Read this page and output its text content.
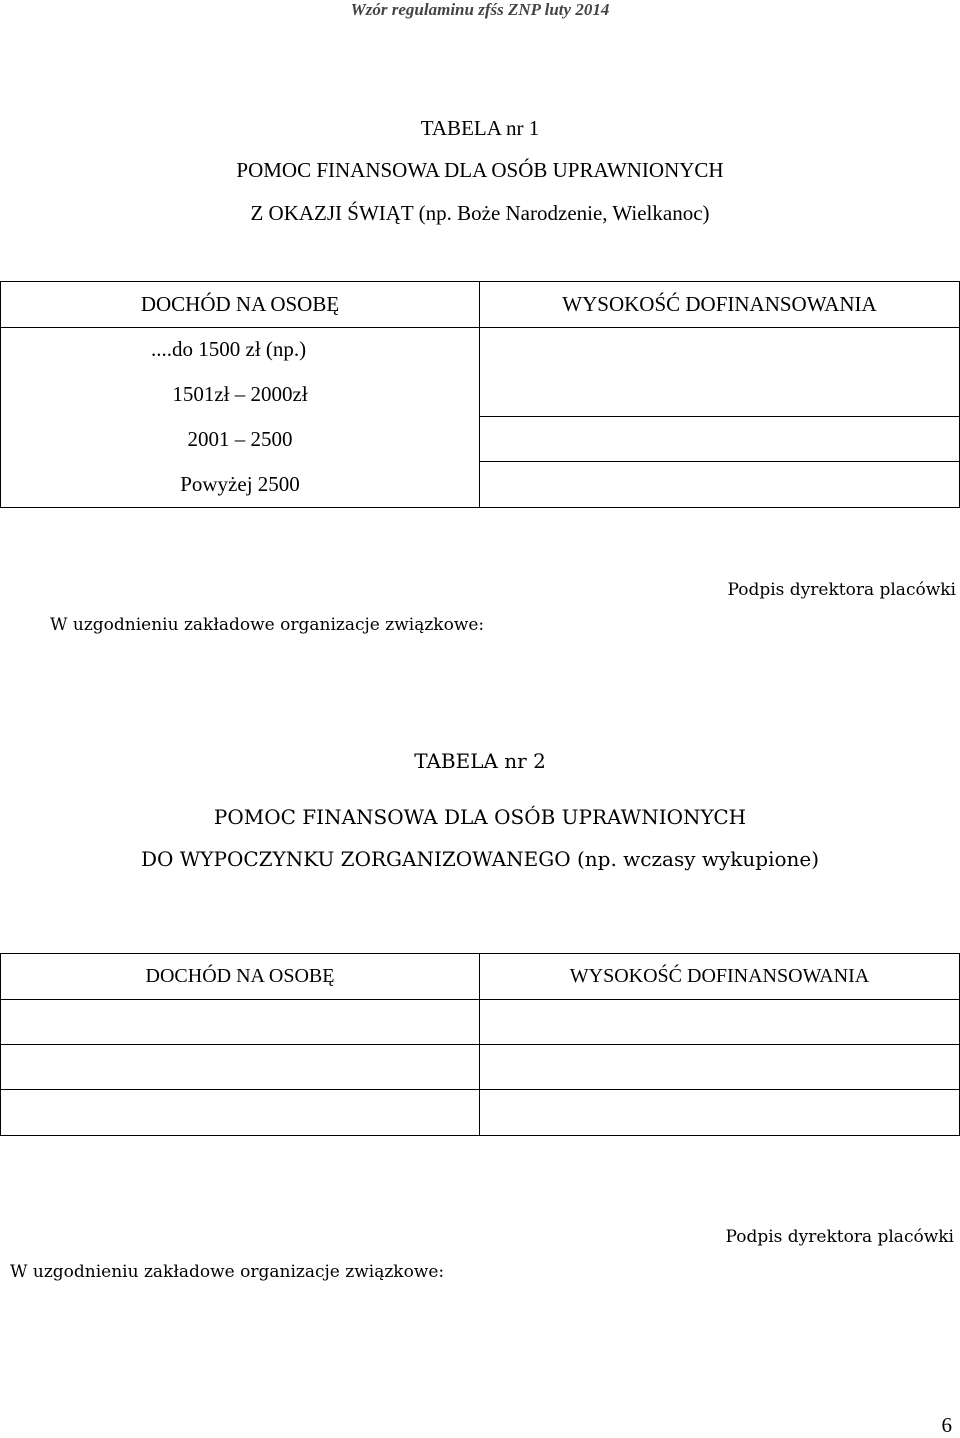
Wzór regulaminu zfśs ZNP luty 2014
TABELA nr 1
POMOC FINANSOWA DLA OSÓB UPRAWNIONYCH
Z OKAZJI ŚWIĄT (np. Boże Narodzenie, Wielkanoc)
DOCHÓD NA OSOBĘ	WYSOKOŚĆ DOFINANSOWANIA
....do 1500 zł (np.)	
1501zł – 2000zł	
2001 – 2500	
Powyżej 2500	
Podpis dyrektora placówki
W uzgodnieniu zakładowe organizacje związkowe:
TABELA nr 2
POMOC FINANSOWA DLA OSÓB UPRAWNIONYCH
DO WYPOCZYNKU ZORGANIZOWANEGO (np. wczasy wykupione)
DOCHÓD NA OSOBĘ	WYSOKOŚĆ DOFINANSOWANIA

Podpis dyrektora placówki
W uzgodnieniu zakładowe organizacje związkowe:
6
